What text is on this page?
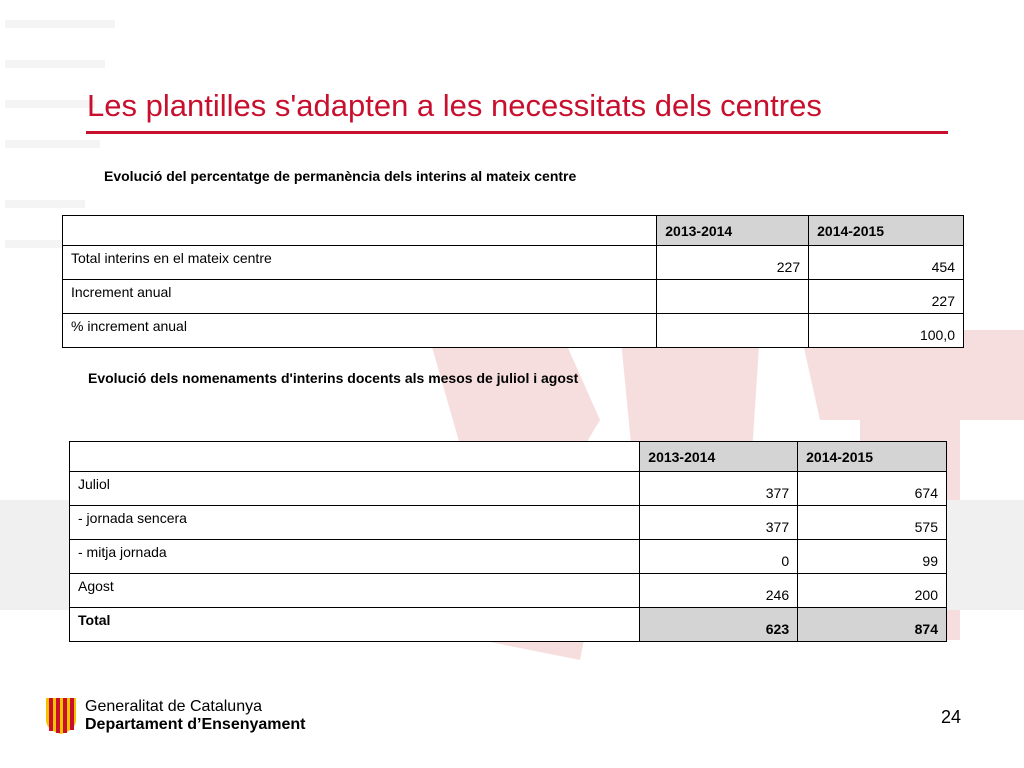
Les plantilles s'adapten a les necessitats dels centres
Evolució del percentatge de permanència dels interins al mateix centre
	2013-2014	2014-2015
Total interins en el mateix centre	227	454
Increment anual		227
% increment anual		100,0
Evolució dels nomenaments d'interins docents als mesos de juliol i agost
	2013-2014	2014-2015
Juliol	377	674
- jornada sencera	377	575
- mitja jornada	0	99
Agost	246	200
Total	623	874
Generalitat de Catalunya
Departament d’Ensenyament	24
